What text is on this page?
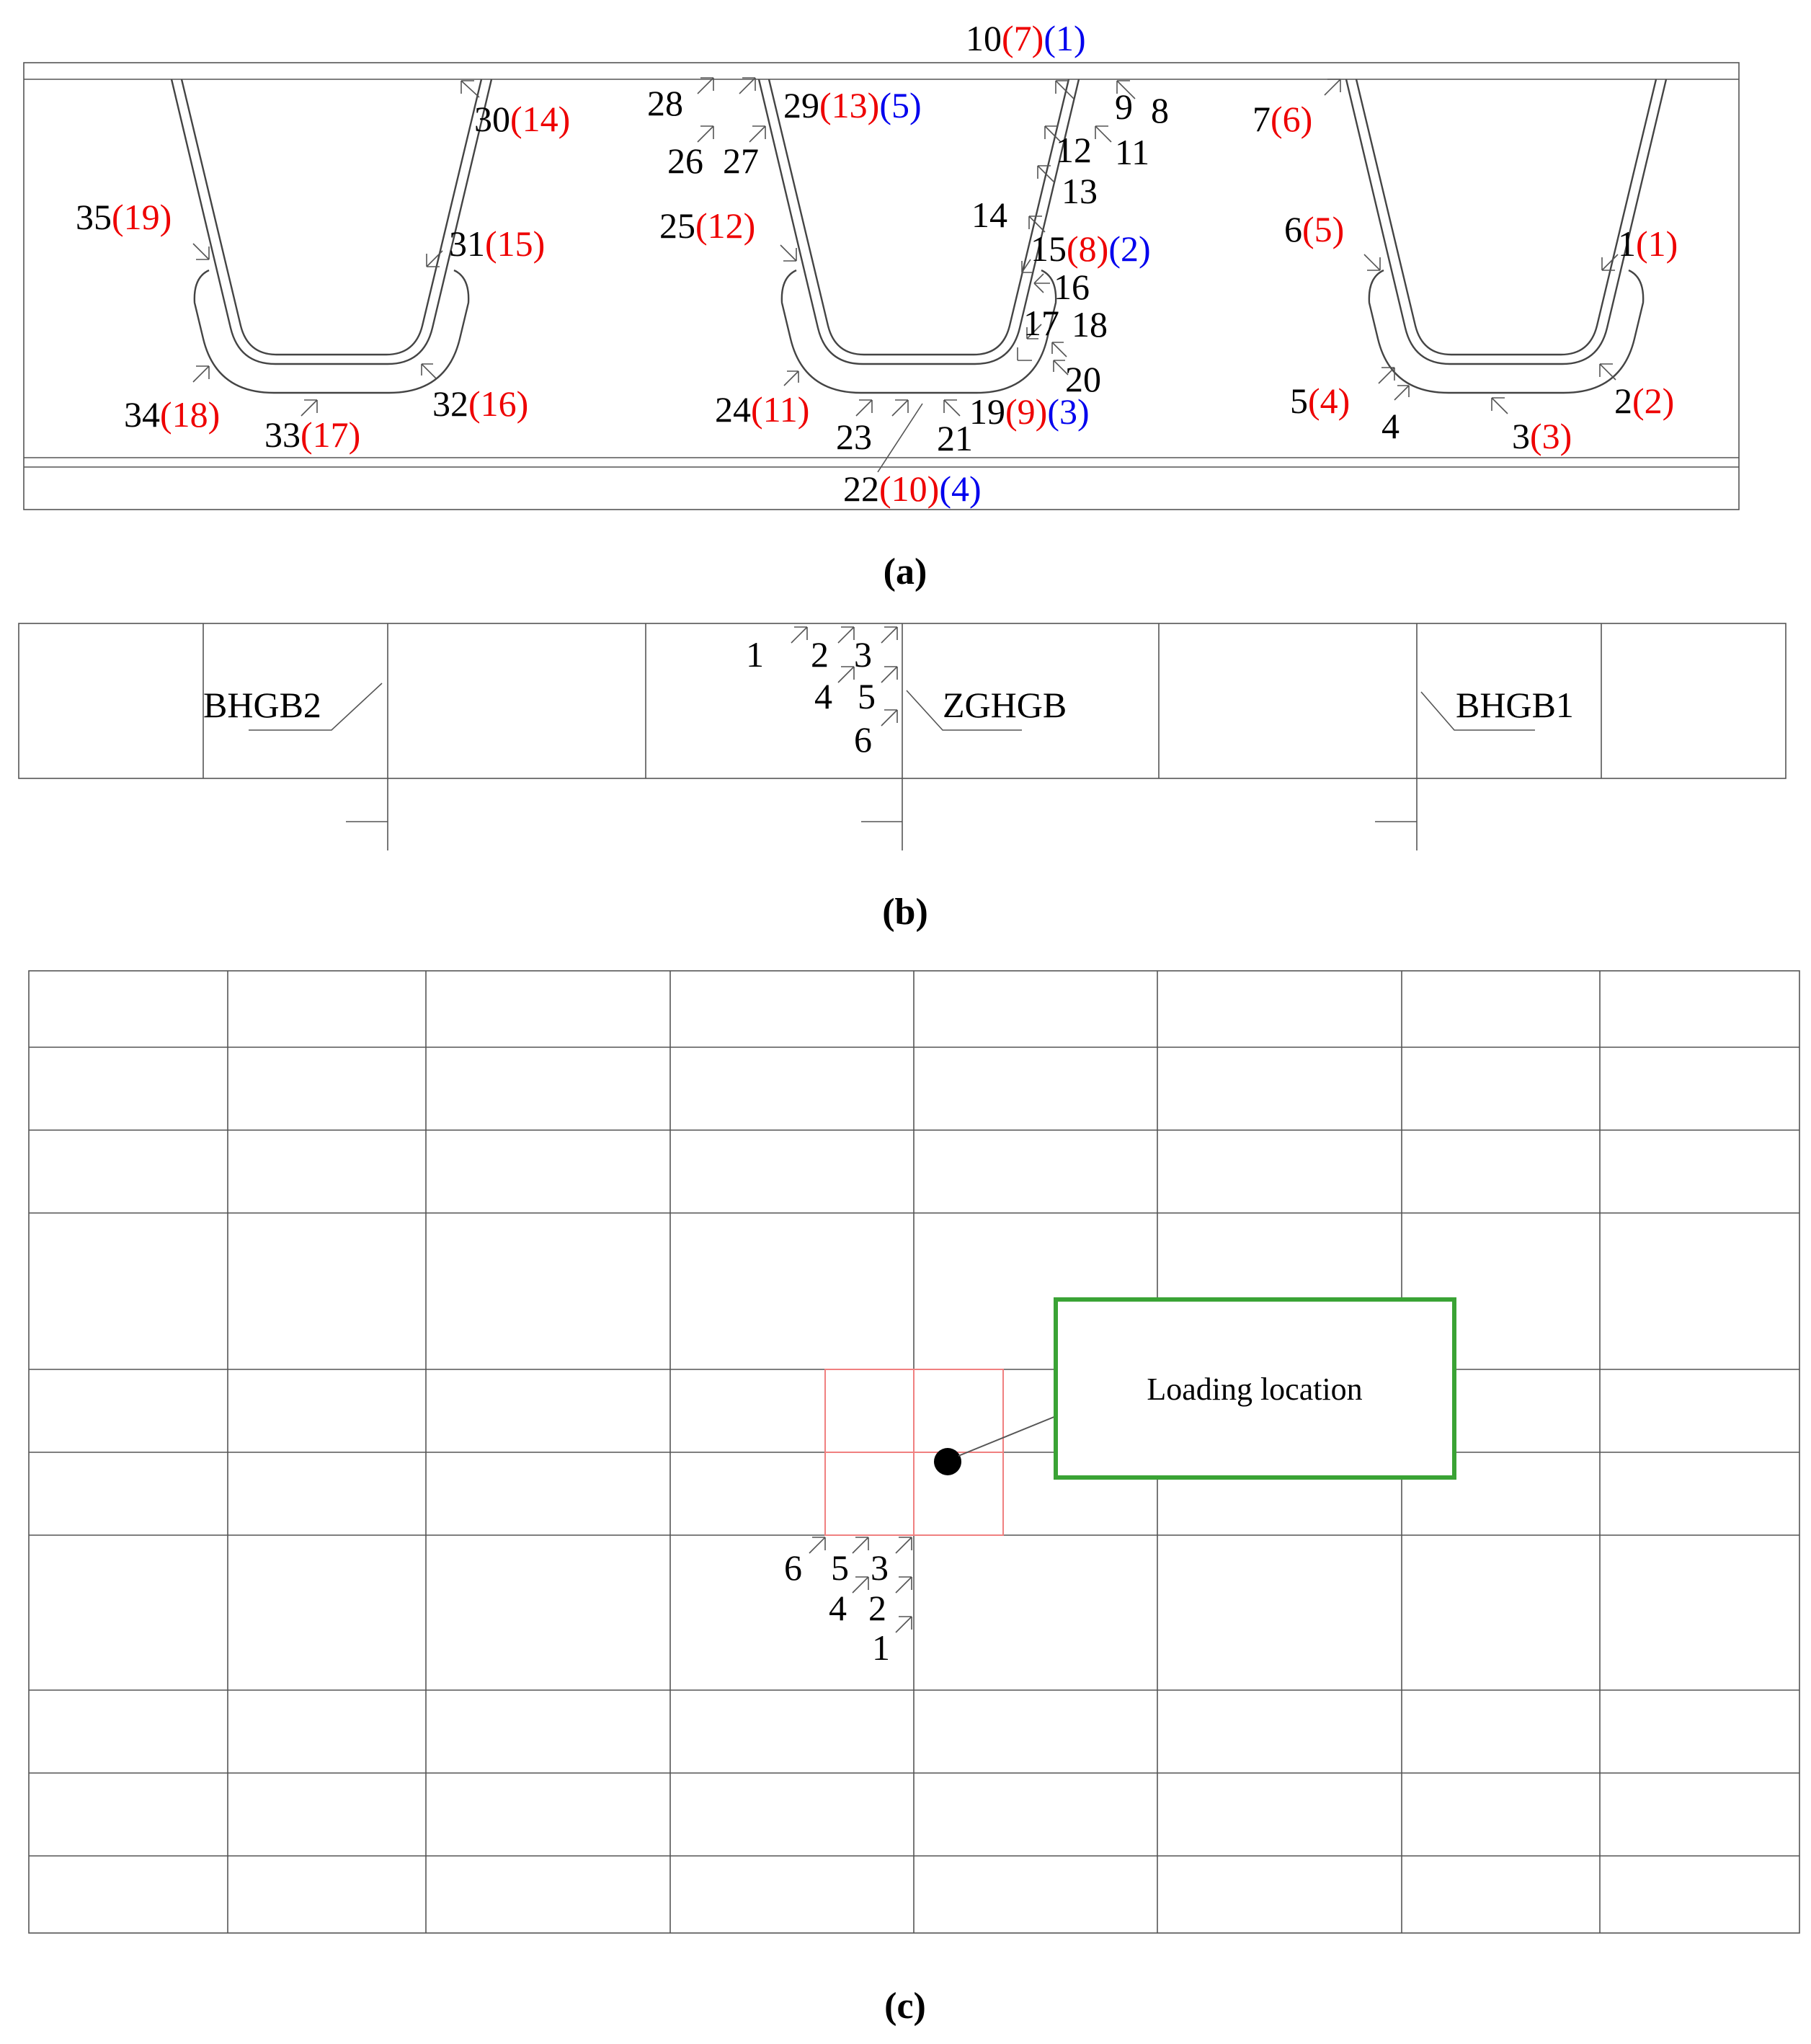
10(7)(1)
28	29(13)(5)
30(14)	9 8 7(6)
26 27	12 11
13
35(19)	25(12)	14	6(5)
31(15)	15(8)(2)	1(1)
16
17 18
20
34(18)	32(16)	24(11)	19(9)(3)	5(4)	2(2)
33(17)	23 21	4	3(3)
22(10)(4)
(a)
BHGB2	ZGHGB	BHGB1
1 2 3
4 5
6
(b)
Loading location
6 5 3
4 2
1
(c)
